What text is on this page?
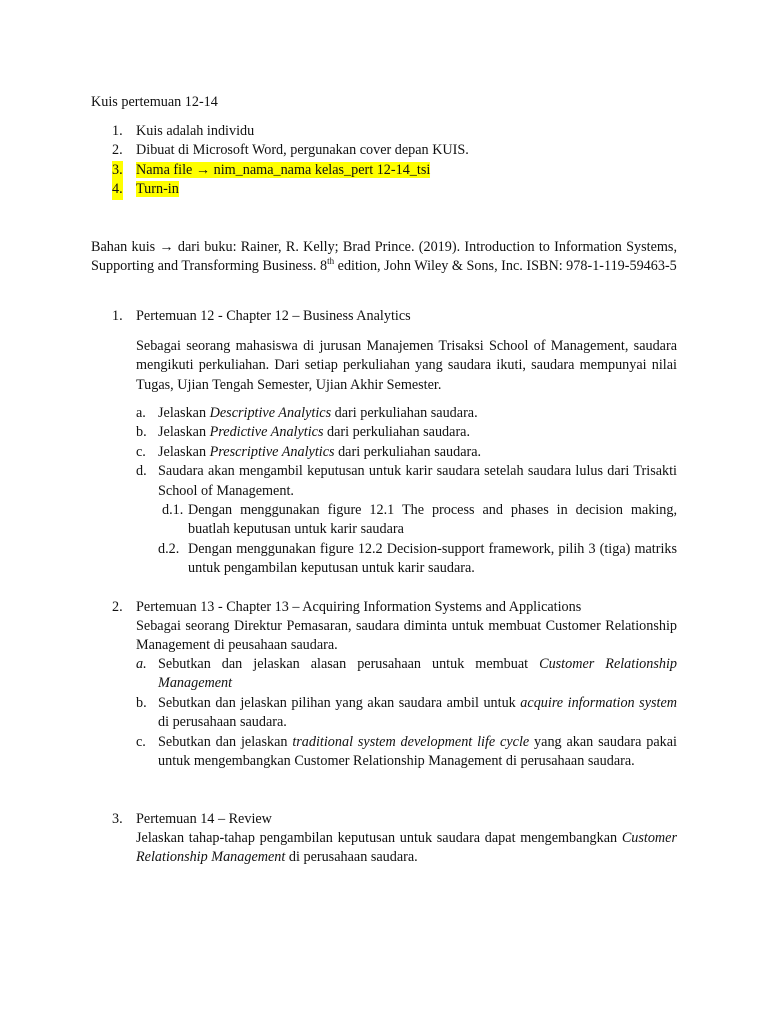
Kuis pertemuan 12-14
1. Kuis adalah individu
2. Dibuat di Microsoft Word, pergunakan cover depan KUIS.
3. Nama file → nim_nama_nama kelas_pert 12-14_tsi
4. Turn-in
Bahan kuis → dari buku: Rainer, R. Kelly; Brad Prince. (2019). Introduction to Information Systems, Supporting and Transforming Business. 8th edition, John Wiley & Sons, Inc. ISBN: 978-1-119-59463-5
1. Pertemuan 12 - Chapter 12 – Business Analytics
Sebagai seorang mahasiswa di jurusan Manajemen Trisaksi School of Management, saudara mengikuti perkuliahan. Dari setiap perkuliahan yang saudara ikuti, saudara mempunyai nilai Tugas, Ujian Tengah Semester, Ujian Akhir Semester.
a. Jelaskan Descriptive Analytics dari perkuliahan saudara.
b. Jelaskan Predictive Analytics dari perkuliahan saudara.
c. Jelaskan Prescriptive Analytics dari perkuliahan saudara.
d. Saudara akan mengambil keputusan untuk karir saudara setelah saudara lulus dari Trisakti School of Management.
d.1. Dengan menggunakan figure 12.1 The process and phases in decision making, buatlah keputusan untuk karir saudara
d.2. Dengan menggunakan figure 12.2 Decision-support framework, pilih 3 (tiga) matriks untuk pengambilan keputusan untuk karir saudara.
2. Pertemuan 13 - Chapter 13 – Acquiring Information Systems and Applications
Sebagai seorang Direktur Pemasaran, saudara diminta untuk membuat Customer Relationship Management di peusahaan saudara.
a. Sebutkan dan jelaskan alasan perusahaan untuk membuat Customer Relationship Management
b. Sebutkan dan jelaskan pilihan yang akan saudara ambil untuk acquire information system di perusahaan saudara.
c. Sebutkan dan jelaskan traditional system development life cycle yang akan saudara pakai untuk mengembangkan Customer Relationship Management di perusahaan saudara.
3. Pertemuan 14 – Review
Jelaskan tahap-tahap pengambilan keputusan untuk saudara dapat mengembangkan Customer Relationship Management di perusahaan saudara.
